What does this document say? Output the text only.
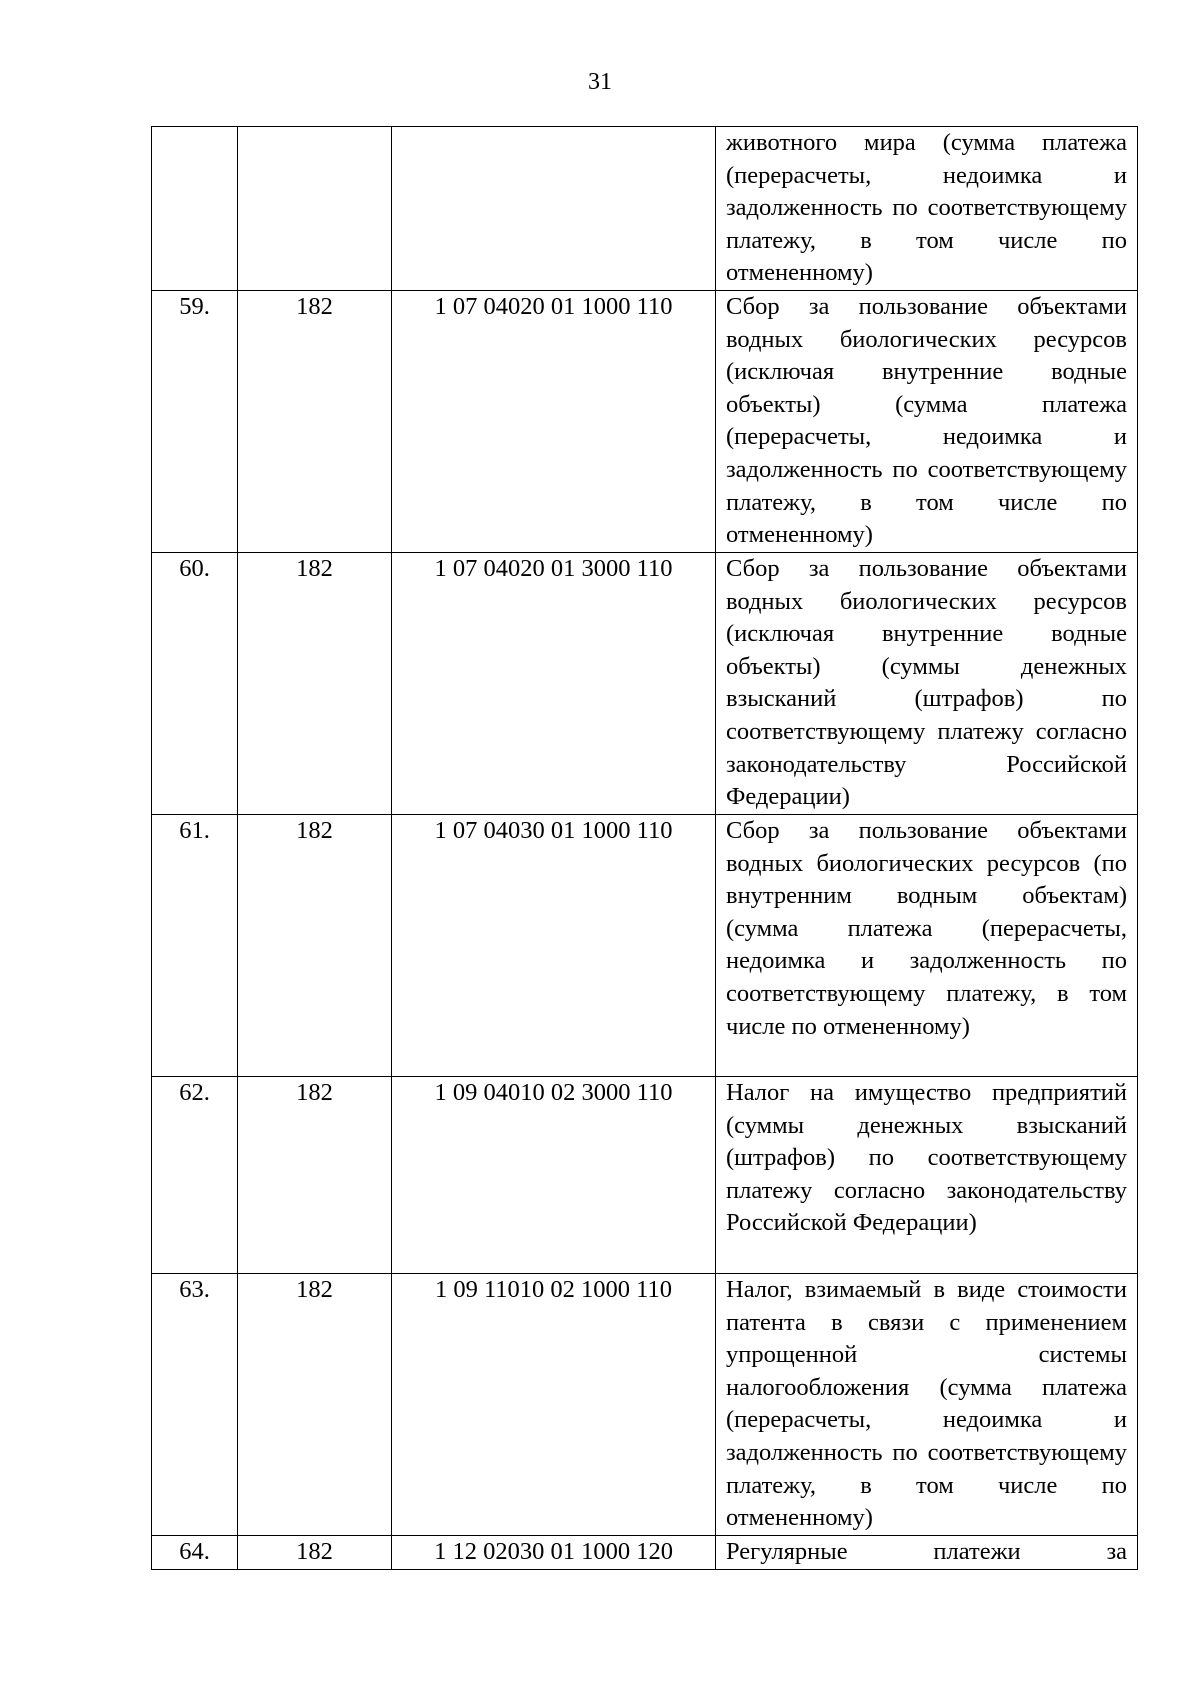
31
			животного мира (сумма платежа (перерасчеты, недоимка и задолженность по соответствующему платежу, в том числе по отмененному)
59.	182	1 07 04020 01 1000 110	Сбор за пользование объектами водных биологических ресурсов (исключая внутренние водные объекты) (сумма платежа (перерасчеты, недоимка и задолженность по соответствующему платежу, в том числе по отмененному)
60.	182	1 07 04020 01 3000 110	Сбор за пользование объектами водных биологических ресурсов (исключая внутренние водные объекты) (суммы денежных взысканий (штрафов) по соответствующему платежу согласно законодательству Российской Федерации)
61.	182	1 07 04030 01 1000 110	Сбор за пользование объектами водных биологических ресурсов (по внутренним водным объектам) (сумма платежа (перерасчеты, недоимка и задолженность по соответствующему платежу, в том числе по отмененному)
62.	182	1 09 04010 02 3000 110	Налог на имущество предприятий (суммы денежных взысканий (штрафов) по соответствующему платежу согласно законодательству Российской Федерации)
63.	182	1 09 11010 02 1000 110	Налог, взимаемый в виде стоимости патента в связи с применением упрощенной системы налогообложения (сумма платежа (перерасчеты, недоимка и задолженность по соответствующему платежу, в том числе по отмененному)
64.	182	1 12 02030 01 1000 120	Регулярные платежи за
